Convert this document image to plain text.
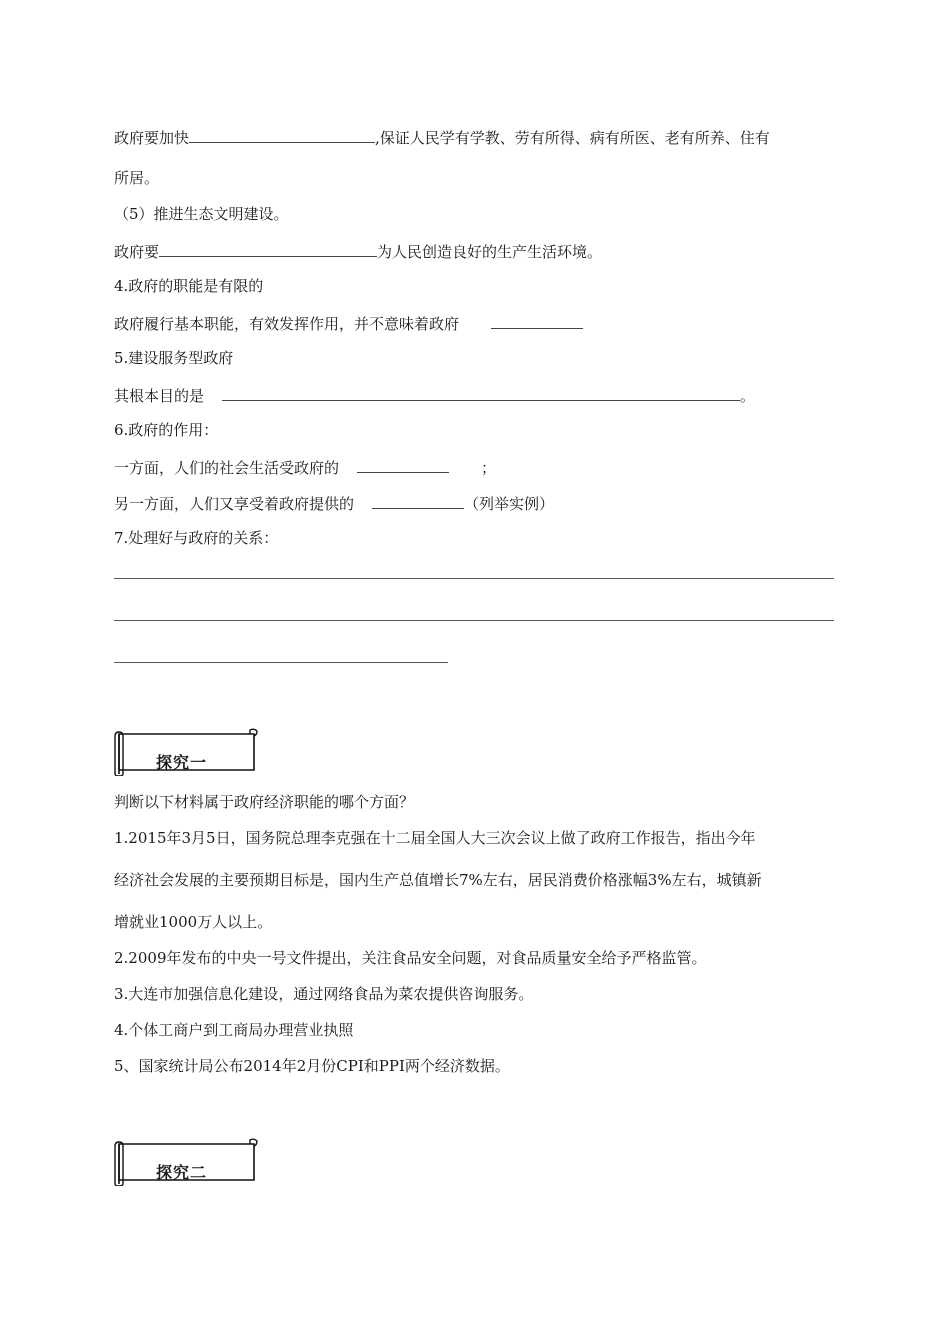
政府要加快	,保证人民学有学教、劳有所得、病有所医、老有所养、住有
所居。
（5）推进生态文明建设。
政府要	为人民创造良好的生产生活环境。
4.政府的职能是有限的
政府履行基本职能，有效发挥作用，并不意味着政府
5.建设服务型政府
其根本目的是	。
6.政府的作用：
一方面，人们的社会生活受政府的	；
另一方面，人们又享受着政府提供的	（列举实例）
7.处理好与政府的关系：
探究一
判断以下材料属于政府经济职能的哪个方面？
1.2015年3月5日，国务院总理李克强在十二届全国人大三次会议上做了政府工作报告，指出今年
经济社会发展的主要预期目标是，国内生产总值增长7%左右，居民消费价格涨幅3%左右，城镇新
增就业1000万人以上。
2.2009年发布的中央一号文件提出，关注食品安全问题，对食品质量安全给予严格监管。
3.大连市加强信息化建设，通过网络食品为菜农提供咨询服务。
4.个体工商户到工商局办理营业执照
5、国家统计局公布2014年2月份CPI和PPI两个经济数据。
探究二
